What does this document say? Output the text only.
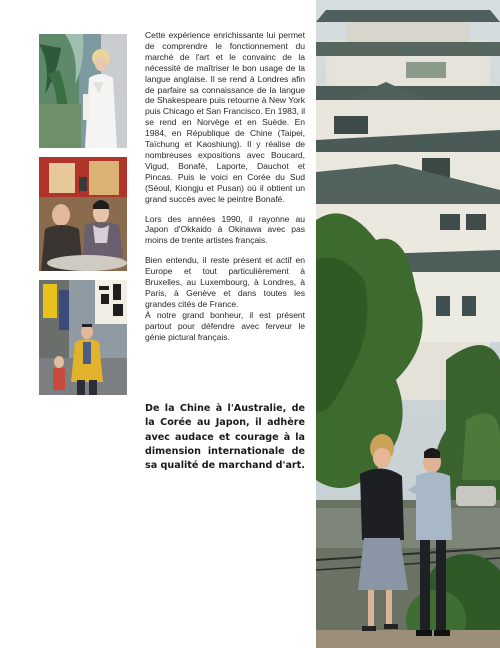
Cette expérience enrichissante lui permet de comprendre le fonctionnement du marché de l'art et le convainc de la nécessité de maîtriser le bon usage de la langue anglaise. Il se rend à Londres afin de parfaire sa connaissance de la langue de Shakespeare puis retourne à New York puis Chicago et San Francisco. En 1983, il se rend en Norvège et en Suède. En 1984, en République de Chine (Taipei, Taïchung et Kaoshiung). Il y réalise de nombreuses expositions avec Boucard, Vigud, Bonafé, Laporte, Dauchot et Pincas. Puis le voici en Corée du Sud (Séoul, Kiongju et Pusan) où il obtient un grand succès avec le peintre Bonafé.

Lors des années 1990, il rayonne au Japon d'Okkaido à Okinawa avec pas moins de trente artistes français.

Bien entendu, il reste présent et actif en Europe et tout particulièrement à Bruxelles, au Luxembourg, à Londres, à Paris, à Genève et dans toutes les grandes cités de France.

À notre grand bonheur, il est présent partout pour défendre avec ferveur le génie pictural français.

De la Chine à l'Australie, de la Corée au Japon, il adhère avec audace et courage à la dimension internationale de sa qualité de marchand d'art.
